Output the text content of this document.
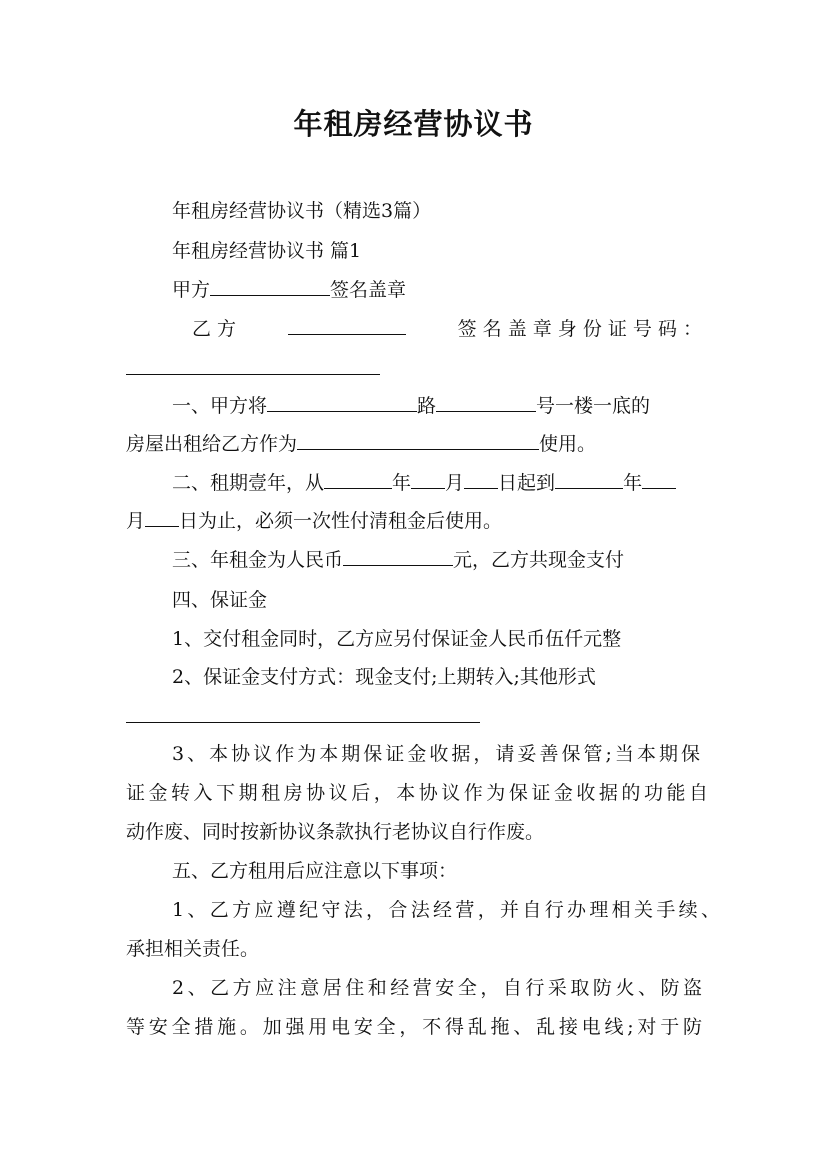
年租房经营协议书
年租房经营协议书（精选3篇）
年租房经营协议书 篇1
甲方	签名盖章
乙 方	签 名 盖 章 身 份 证 号 码 ：
一、甲方将	路	号一楼一底的
房屋出租给乙方作为	使用。
二、租期壹年，从	年 月 日起到	年
月 日为止，必须一次性付清租金后使用。
三、年租金为人民币	元，乙方共现金支付
四、保证金
1、交付租金同时，乙方应另付保证金人民币伍仟元整
2、保证金支付方式：现金支付;上期转入;其他形式
3、本协议作为本期保证金收据，请妥善保管;当本期保
证金转入下期租房协议后，本协议作为保证金收据的功能自
动作废、同时按新协议条款执行老协议自行作废。
五、乙方租用后应注意以下事项：
1、乙方应遵纪守法，合法经营，并自行办理相关手续、
承担相关责任。
2、乙方应注意居住和经营安全，自行采取防火、防盗
等安全措施。加强用电安全，不得乱拖、乱接电线;对于防
